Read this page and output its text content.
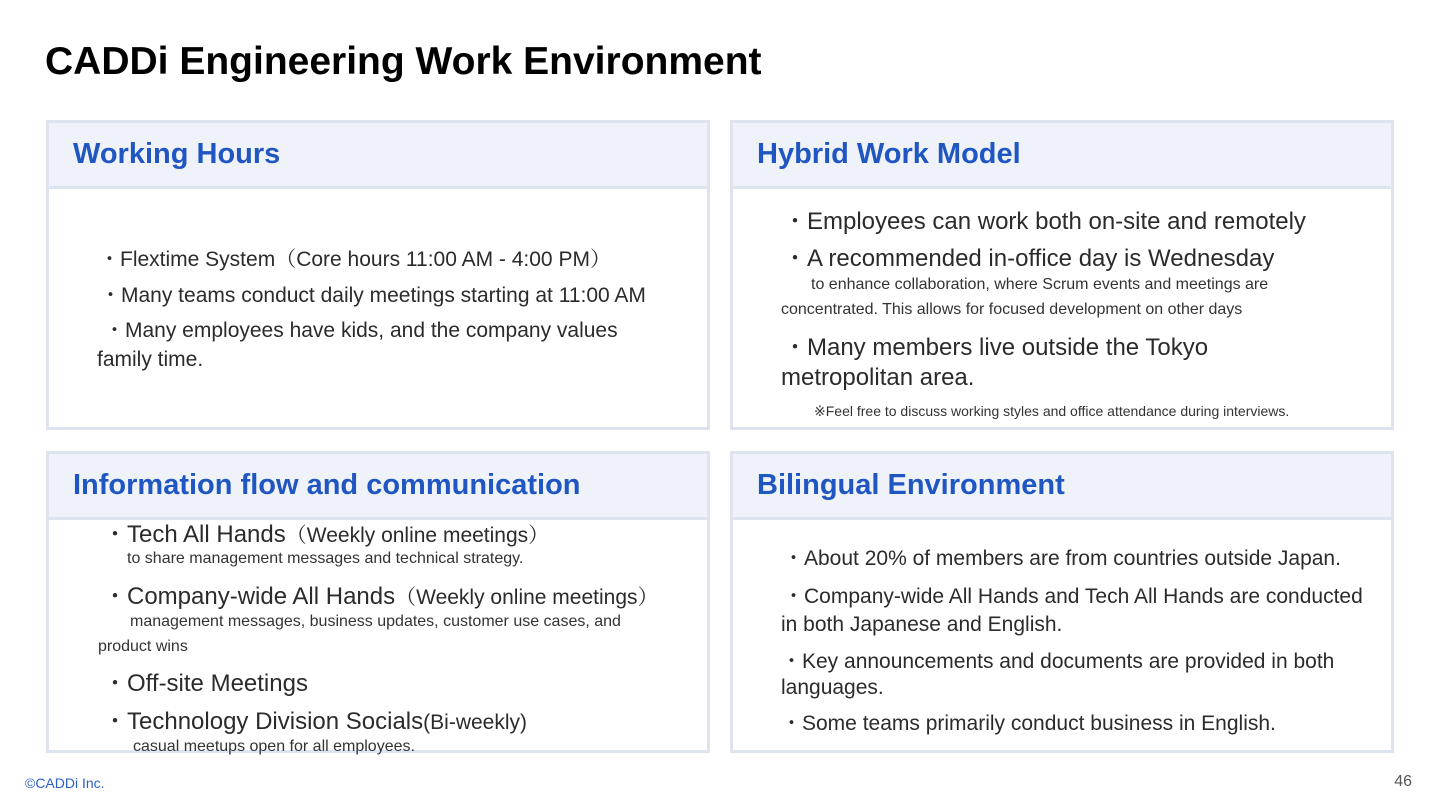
CADDi Engineering Work Environment
Working Hours

・Flextime System（Core hours 11:00 AM - 4:00 PM）

・Many teams conduct daily meetings starting at 11:00 AM

・Many employees have kids, and the company values

family time.

Hybrid Work Model

・Employees can work both on-site and remotely

・A recommended in-office day is Wednesday

to enhance collaboration, where Scrum events and meetings are

concentrated. This allows for focused development on other days

・Many members live outside the Tokyo

metropolitan area.

※Feel free to discuss working styles and office attendance during interviews.

Information flow and communication

・Tech All Hands（Weekly online meetings）

to share management messages and technical strategy.

・Company-wide All Hands（Weekly online meetings）

management messages, business updates, customer use cases, and

product wins

・Off-site Meetings

・Technology Division Socials(Bi-weekly)

casual meetups open for all employees.

Bilingual Environment

・About 20% of members are from countries outside Japan.

・Company-wide All Hands and Tech All Hands are conducted

in both Japanese and English.

・Key announcements and documents are provided in both

languages.

・Some teams primarily conduct business in English.

©CADDi Inc.	46
